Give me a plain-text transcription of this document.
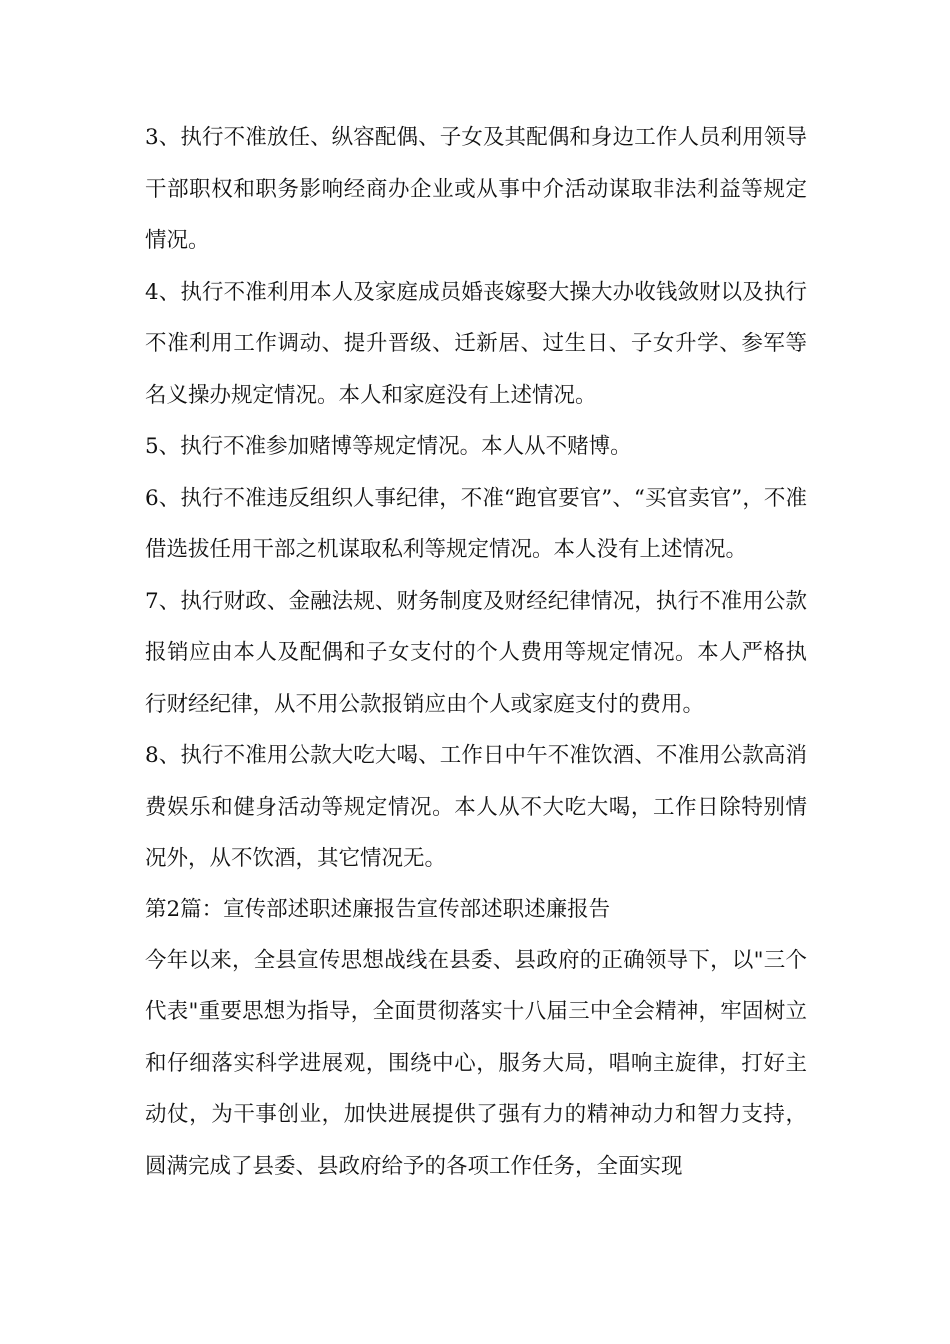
3、执行不准放任、纵容配偶、子女及其配偶和身边工作人员利用领导干部职权和职务影响经商办企业或从事中介活动谋取非法利益等规定情况。

4、执行不准利用本人及家庭成员婚丧嫁娶大操大办收钱敛财以及执行不准利用工作调动、提升晋级、迁新居、过生日、子女升学、参军等名义操办规定情况。本人和家庭没有上述情况。

5、执行不准参加赌博等规定情况。本人从不赌博。

6、执行不准违反组织人事纪律，不准“跑官要官”、“买官卖官”，不准借选拔任用干部之机谋取私利等规定情况。本人没有上述情况。

7、执行财政、金融法规、财务制度及财经纪律情况，执行不准用公款报销应由本人及配偶和子女支付的个人费用等规定情况。本人严格执行财经纪律，从不用公款报销应由个人或家庭支付的费用。

8、执行不准用公款大吃大喝、工作日中午不准饮酒、不准用公款高消费娱乐和健身活动等规定情况。本人从不大吃大喝，工作日除特别情况外，从不饮酒，其它情况无。

第2篇：宣传部述职述廉报告宣传部述职述廉报告

今年以来，全县宣传思想战线在县委、县政府的正确领导下，以"三个代表"重要思想为指导，全面贯彻落实十八届三中全会精神，牢固树立和仔细落实科学进展观，围绕中心，服务大局，唱响主旋律，打好主动仗，为干事创业，加快进展提供了强有力的精神动力和智力支持，圆满完成了县委、县政府给予的各项工作任务，全面实现
